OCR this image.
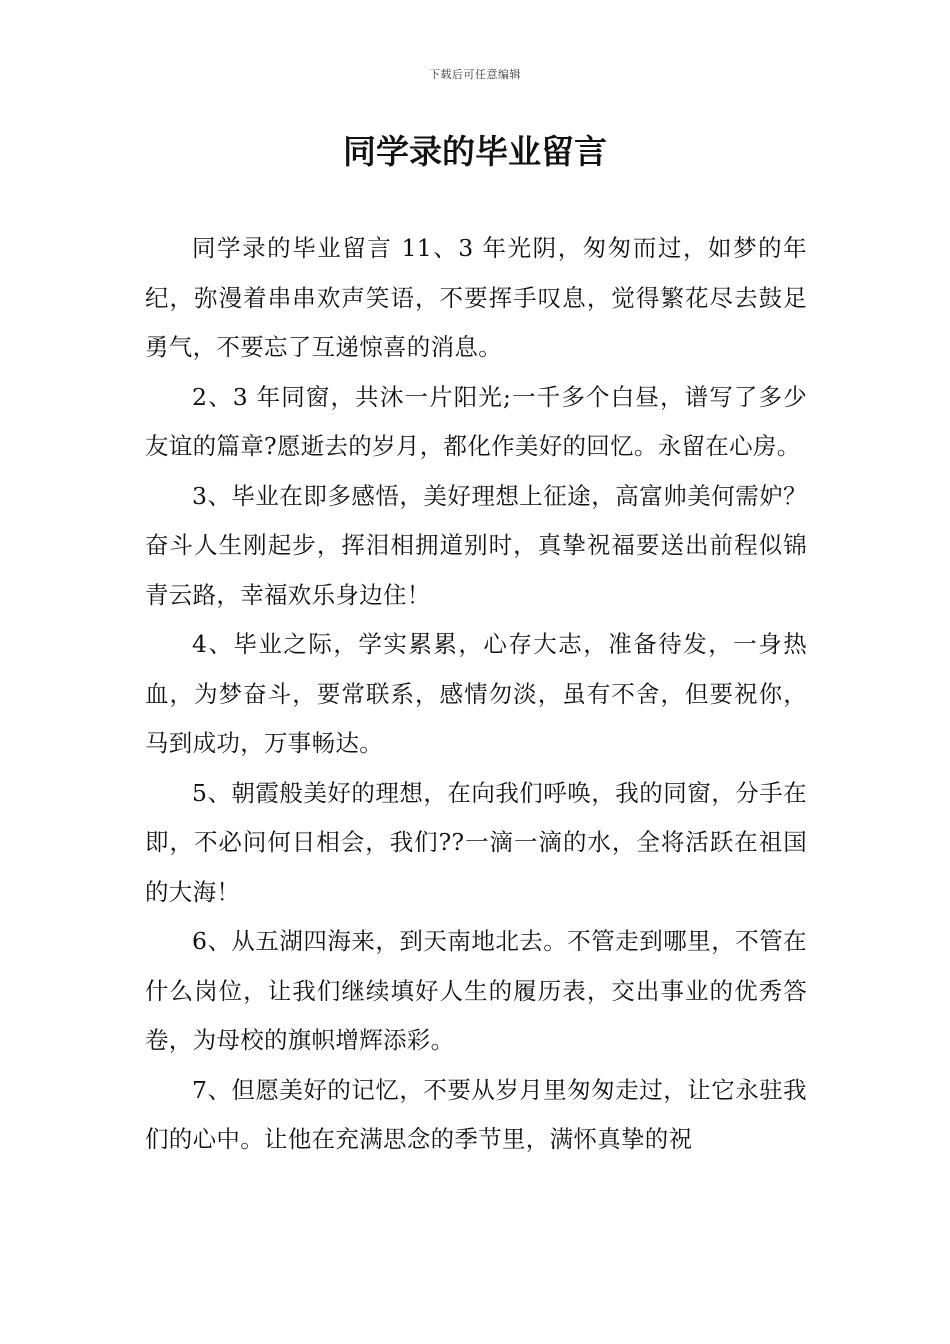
下载后可任意编辑
同学录的毕业留言

同学录的毕业留言 11、3 年光阴，匆匆而过，如梦的年纪，弥漫着串串欢声笑语，不要挥手叹息，觉得繁花尽去鼓足勇气，不要忘了互递惊喜的消息。

2、3 年同窗，共沐一片阳光;一千多个白昼，谱写了多少友谊的篇章?愿逝去的岁月，都化作美好的回忆。永留在心房。

3、毕业在即多感悟，美好理想上征途，高富帅美何需妒？奋斗人生刚起步，挥泪相拥道别时，真挚祝福要送出前程似锦青云路，幸福欢乐身边住！

4、毕业之际，学实累累，心存大志，准备待发，一身热血，为梦奋斗，要常联系，感情勿淡，虽有不舍，但要祝你，马到成功，万事畅达。

5、朝霞般美好的理想，在向我们呼唤，我的同窗，分手在即，不必问何日相会，我们??一滴一滴的水，全将活跃在祖国的大海！

6、从五湖四海来，到天南地北去。不管走到哪里，不管在什么岗位，让我们继续填好人生的履历表，交出事业的优秀答卷，为母校的旗帜增辉添彩。

7、但愿美好的记忆，不要从岁月里匆匆走过，让它永驻我们的心中。让他在充满思念的季节里，满怀真挚的祝
